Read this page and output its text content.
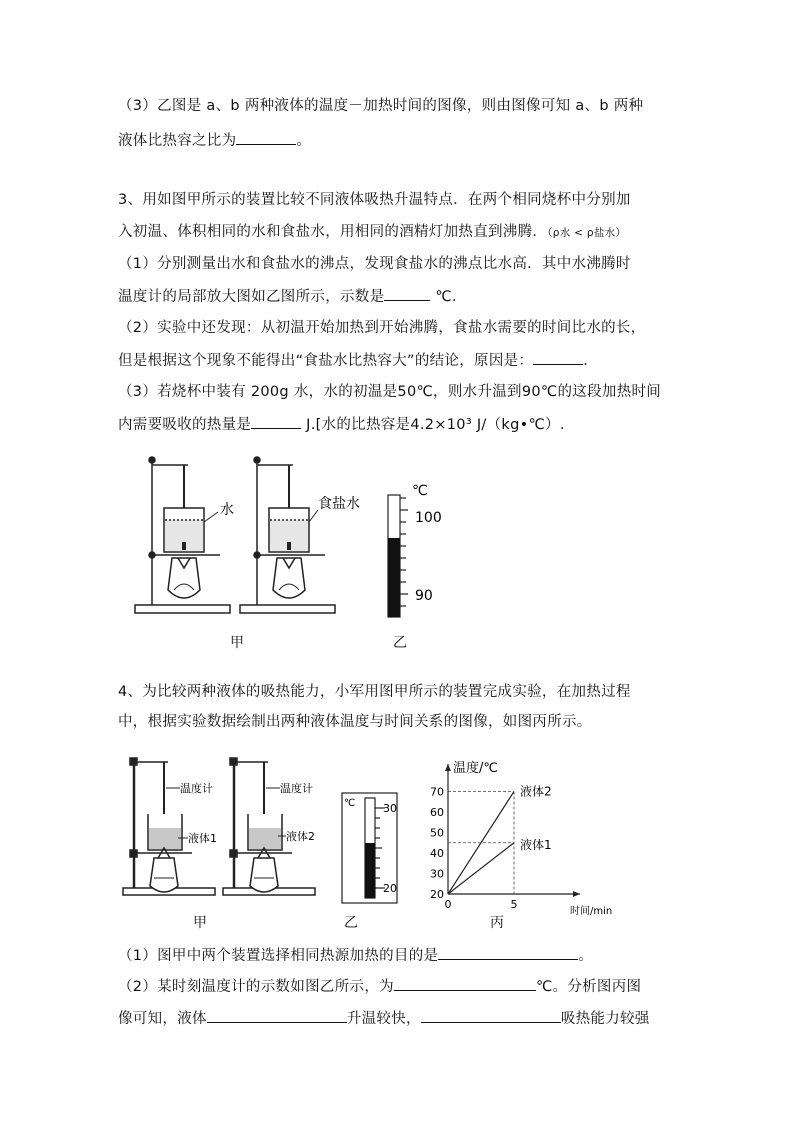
（3）乙图是 a、b 两种液体的温度－加热时间的图像，则由图像可知 a、b 两种
液体比热容之比为	。
3、用如图甲所示的装置比较不同液体吸热升温特点．在两个相同烧杯中分别加
入初温、体积相同的水和食盐水，用相同的酒精灯加热直到沸腾．（ρ水 < ρ盐水）
（1）分别测量出水和食盐水的沸点，发现食盐水的沸点比水高．其中水沸腾时
温度计的局部放大图如乙图所示，示数是	℃.
（2）实验中还发现：从初温开始加热到开始沸腾，食盐水需要的时间比水的长，
但是根据这个现象不能得出“食盐水比热容大”的结论，原因是：	．
（3）若烧杯中装有 200g 水，水的初温是50℃，则水升温到90℃的这段加热时间
内需要吸收的热量是	J.[水的比热容是4.2×10³ J/（kg•℃）.
水	食盐水
℃
100
90
甲	乙
4、为比较两种液体的吸热能力，小军用图甲所示的装置完成实验，在加热过程
中，根据实验数据绘制出两种液体温度与时间关系的图像，如图丙所示。
温度计
液体1
温度计
液体2
℃	30
20
温度/℃
时间/min
20
30
40
50
60
70
0	5
液体2
液体1
甲	乙	丙
（1）图甲中两个装置选择相同热源加热的目的是	。
（2）某时刻温度计的示数如图乙所示，为	℃。分析图丙图
像可知，液体	升温较快，	吸热能力较强
